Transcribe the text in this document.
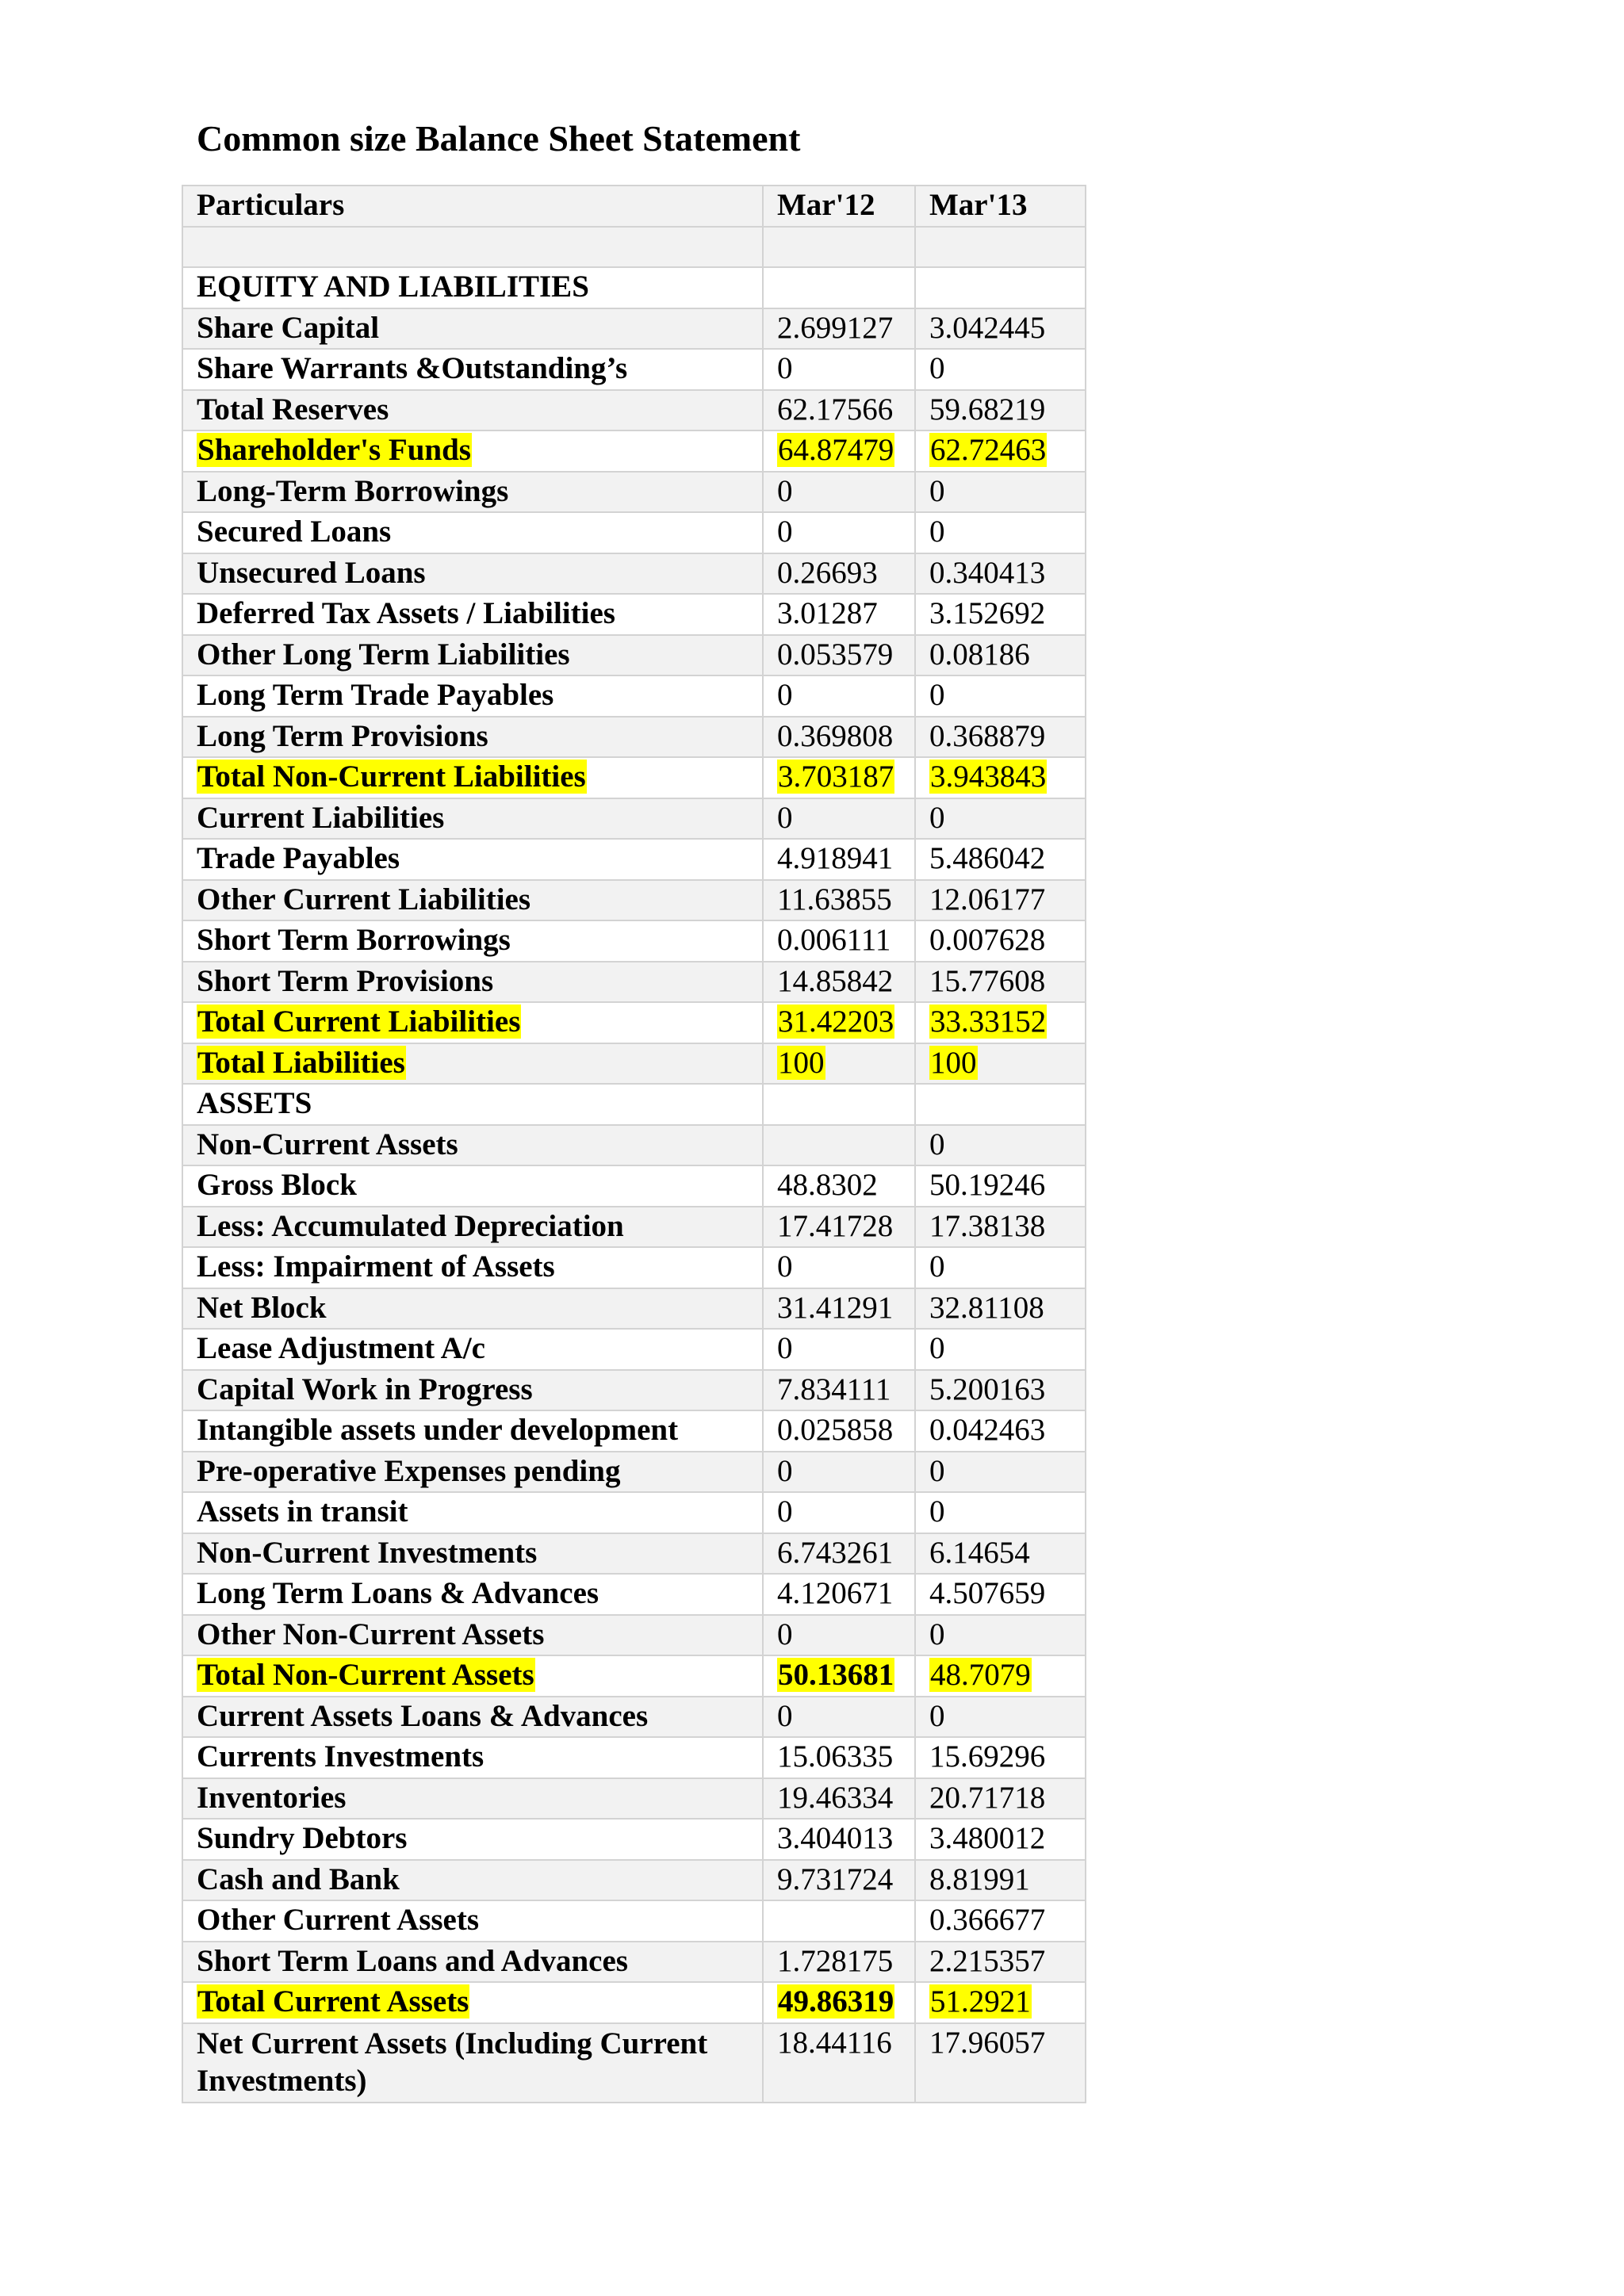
Common size Balance Sheet Statement
Particulars	Mar'12	Mar'13

EQUITY AND LIABILITIES		
Share Capital	2.699127	3.042445
Share Warrants &Outstanding’s	0	0
Total Reserves	62.17566	59.68219
Shareholder's Funds	64.87479	62.72463
Long-Term Borrowings	0	0
Secured Loans	0	0
Unsecured Loans	0.26693	0.340413
Deferred Tax Assets / Liabilities	3.01287	3.152692
Other Long Term Liabilities	0.053579	0.08186
Long Term Trade Payables	0	0
Long Term Provisions	0.369808	0.368879
Total Non-Current Liabilities	3.703187	3.943843
Current Liabilities	0	0
Trade Payables	4.918941	5.486042
Other Current Liabilities	11.63855	12.06177
Short Term Borrowings	0.006111	0.007628
Short Term Provisions	14.85842	15.77608
Total Current Liabilities	31.42203	33.33152
Total Liabilities	100	100
ASSETS		
Non-Current Assets		0
Gross Block	48.8302	50.19246
Less: Accumulated Depreciation	17.41728	17.38138
Less: Impairment of Assets	0	0
Net Block	31.41291	32.81108
Lease Adjustment A/c	0	0
Capital Work in Progress	7.834111	5.200163
Intangible assets under development	0.025858	0.042463
Pre-operative Expenses pending	0	0
Assets in transit	0	0
Non-Current Investments	6.743261	6.14654
Long Term Loans & Advances	4.120671	4.507659
Other Non-Current Assets	0	0
Total Non-Current Assets	50.13681	48.7079
Current Assets Loans & Advances	0	0
Currents Investments	15.06335	15.69296
Inventories	19.46334	20.71718
Sundry Debtors	3.404013	3.480012
Cash and Bank	9.731724	8.81991
Other Current Assets		0.366677
Short Term Loans and Advances	1.728175	2.215357
Total Current Assets	49.86319	51.2921
Net Current Assets (Including Current Investments)	18.44116	17.96057
